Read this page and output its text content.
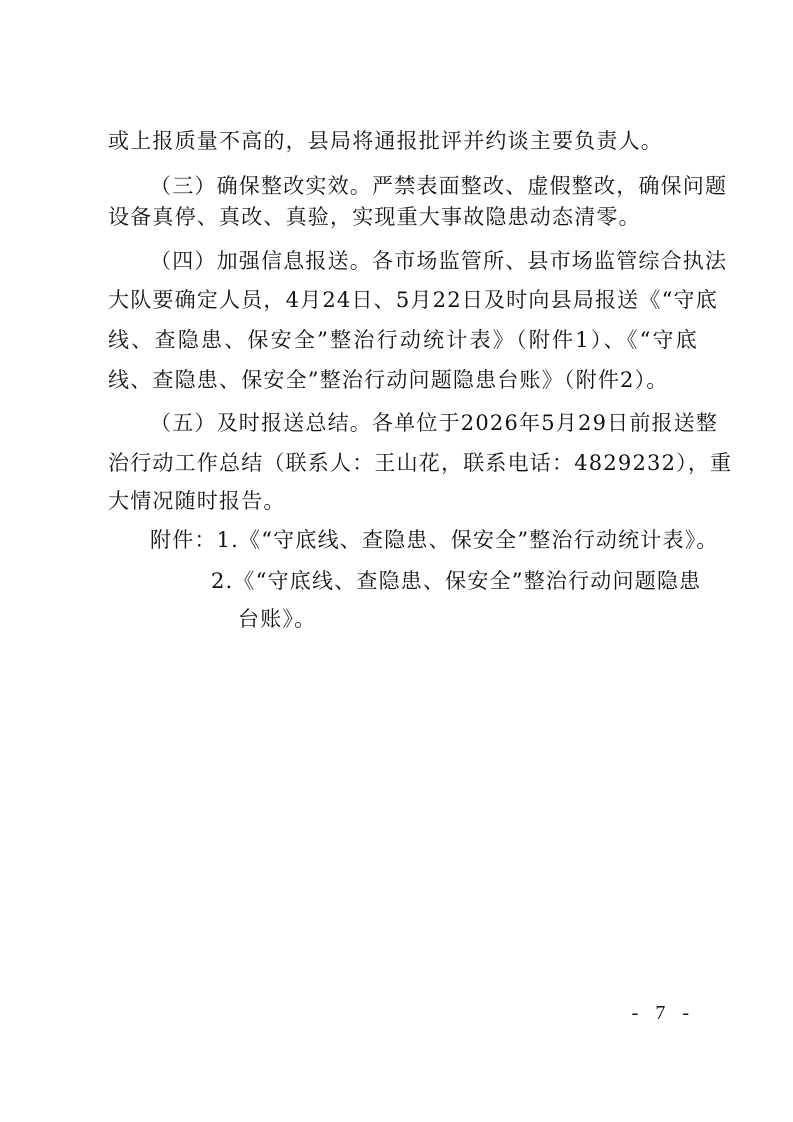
或上报质量不高的，县局将通报批评并约谈主要负责人。
（三）确保整改实效。严禁表面整改、虚假整改，确保问题
设备真停、真改、真验，实现重大事故隐患动态清零。
（四）加强信息报送。各市场监管所、县市场监管综合执法
大队要确定人员，4月24日、5月22日及时向县局报送《“守底
线、查隐患、保安全”整治行动统计表》（附件1）、《“守底
线、查隐患、保安全”整治行动问题隐患台账》（附件2）。
（五）及时报送总结。各单位于2026年5月29日前报送整
治行动工作总结（联系人：王山花，联系电话：4829232），重
大情况随时报告。
附件：1.《“守底线、查隐患、保安全”整治行动统计表》。
2.《“守底线、查隐患、保安全”整治行动问题隐患
台账》。
- 7 -
